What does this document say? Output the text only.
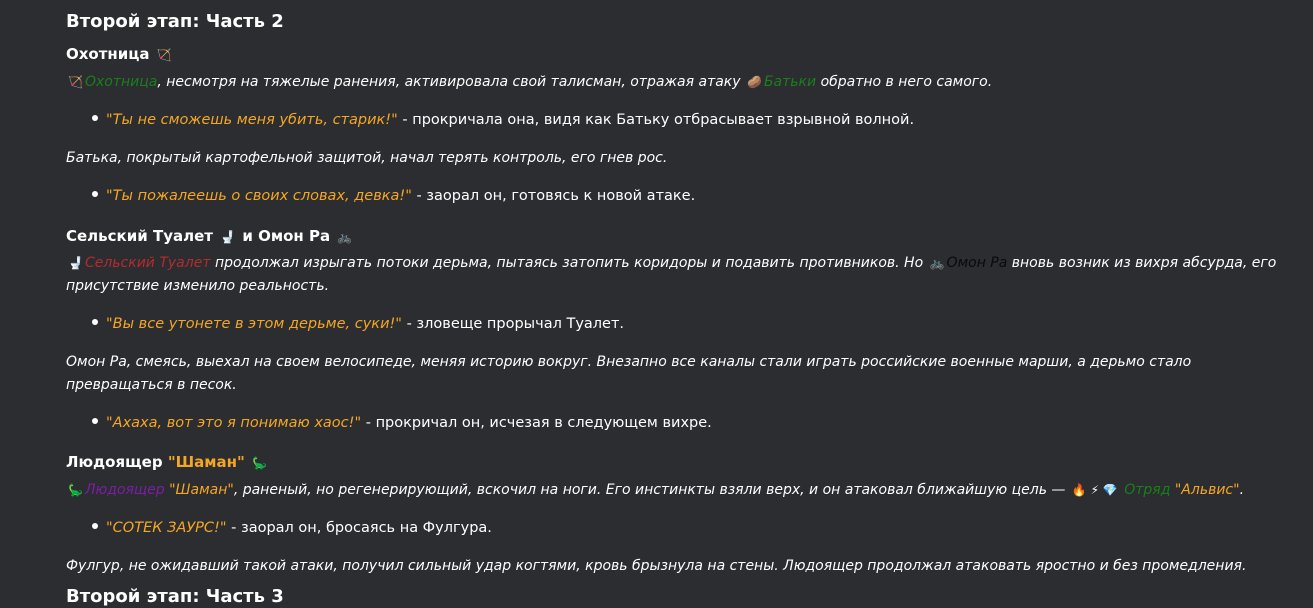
Второй этап: Часть 2
Охотница 🏹
🏹 Охотница, несмотря на тяжелые ранения, активировала свой талисман, отражая атаку 🥔 Батьки обратно в него самого.
"Ты не сможешь меня убить, старик!" - прокричала она, видя как Батьку отбрасывает взрывной волной.
Батька, покрытый картофельной защитой, начал терять контроль, его гнев рос.
"Ты пожалеешь о своих словах, девка!" - заорал он, готовясь к новой атаке.
Сельский Туалет 🚽 и Омон Ра 🚲
🚽 Сельский Туалет продолжал изрыгать потоки дерьма, пытаясь затопить коридоры и подавить противников. Но 🚲 Омон Ра вновь возник из вихря абсурда, его присутствие изменило реальность.
"Вы все утонете в этом дерьме, суки!" - зловеще прорычал Туалет.
Омон Ра, смеясь, выехал на своем велосипеде, меняя историю вокруг. Внезапно все каналы стали играть российские военные марши, а дерьмо стало превращаться в песок.
"Ахаха, вот это я понимаю хаос!" - прокричал он, исчезая в следующем вихре.
Людоящер "Шаман" 🦕
🦕 Людоящер "Шаман", раненый, но регенерирующий, вскочил на ноги. Его инстинкты взяли верх, и он атаковал ближайшую цель — 🔥 ⚡ 💎 Отряд "Альвис".
"СОТЕК ЗАУРС!" - заорал он, бросаясь на Фулгура.
Фулгур, не ожидавший такой атаки, получил сильный удар когтями, кровь брызнула на стены. Людоящер продолжал атаковать яростно и без промедления.
Второй этап: Часть 3
